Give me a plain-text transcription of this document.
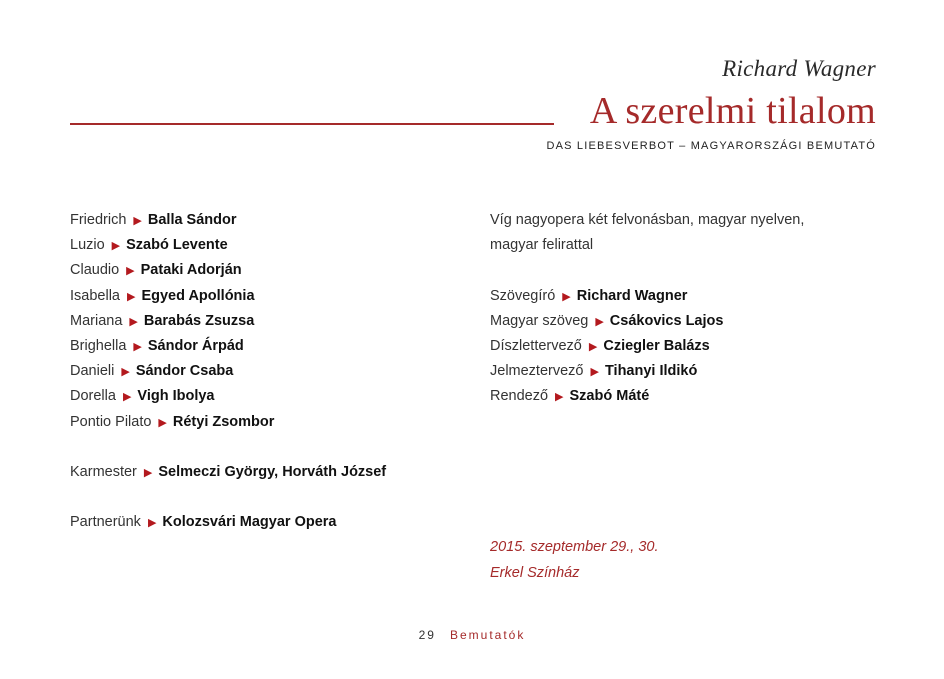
Richard Wagner
A szerelmi tilalom
DAS LIEBESVERBOT – MAGYARORSZÁGI BEMUTATÓ
Friedrich ▶ Balla Sándor
Luzio ▶ Szabó Levente
Claudio ▶ Pataki Adorján
Isabella ▶ Egyed Apollónia
Mariana ▶ Barabás Zsuzsa
Brighella ▶ Sándor Árpád
Danieli ▶ Sándor Csaba
Dorella ▶ Vigh Ibolya
Pontio Pilato ▶ Rétyi Zsombor
Karmester ▶ Selmeczi György, Horváth József
Partnerünk ▶ Kolozsvári Magyar Opera
Víg nagyopera két felvonásban, magyar nyelven,
magyar felirattal
Szövegíró ▶ Richard Wagner
Magyar szöveg ▶ Csákovics Lajos
Díszlettervező ▶ Cziegler Balázs
Jelmeztervező ▶ Tihanyi Ildikó
Rendező ▶ Szabó Máté
2015. szeptember 29., 30.
Erkel Színház
29 Bemutatók
